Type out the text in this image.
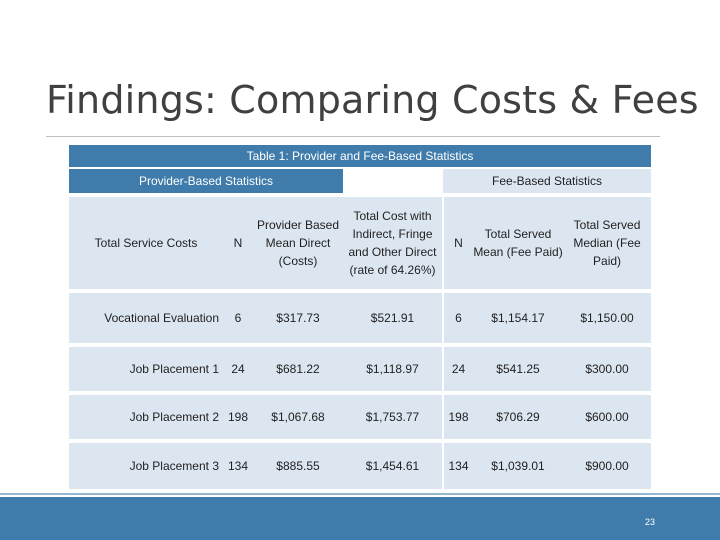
Findings: Comparing Costs & Fees
Table 1: Provider and Fee-Based Statistics						
Provider-Based Statistics				Fee-Based Statistics		
Total Service Costs	N	Provider Based Mean Direct (Costs)	Total Cost with Indirect, Fringe and Other Direct (rate of 64.26%)	N	Total Served Mean (Fee Paid)	Total Served Median (Fee Paid)
Vocational Evaluation	6	$317.73	$521.91	6	$1,154.17	$1,150.00
Job Placement 1	24	$681.22	$1,118.97	24	$541.25	$300.00
Job Placement 2	198	$1,067.68	$1,753.77	198	$706.29	$600.00
Job Placement 3	134	$885.55	$1,454.61	134	$1,039.01	$900.00
23
